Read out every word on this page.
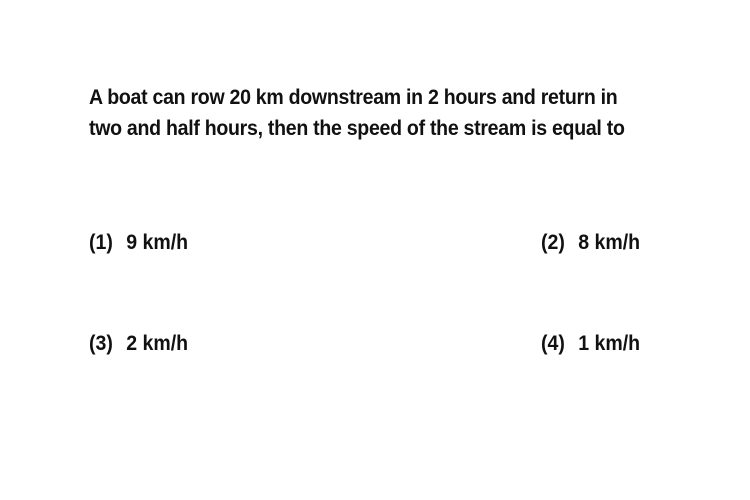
A boat can row 20 km downstream in 2 hours and return in
two and half hours, then the speed of the stream is equal to
(1) 9 km/h	(2) 8 km/h
(3) 2 km/h	(4) 1 km/h
